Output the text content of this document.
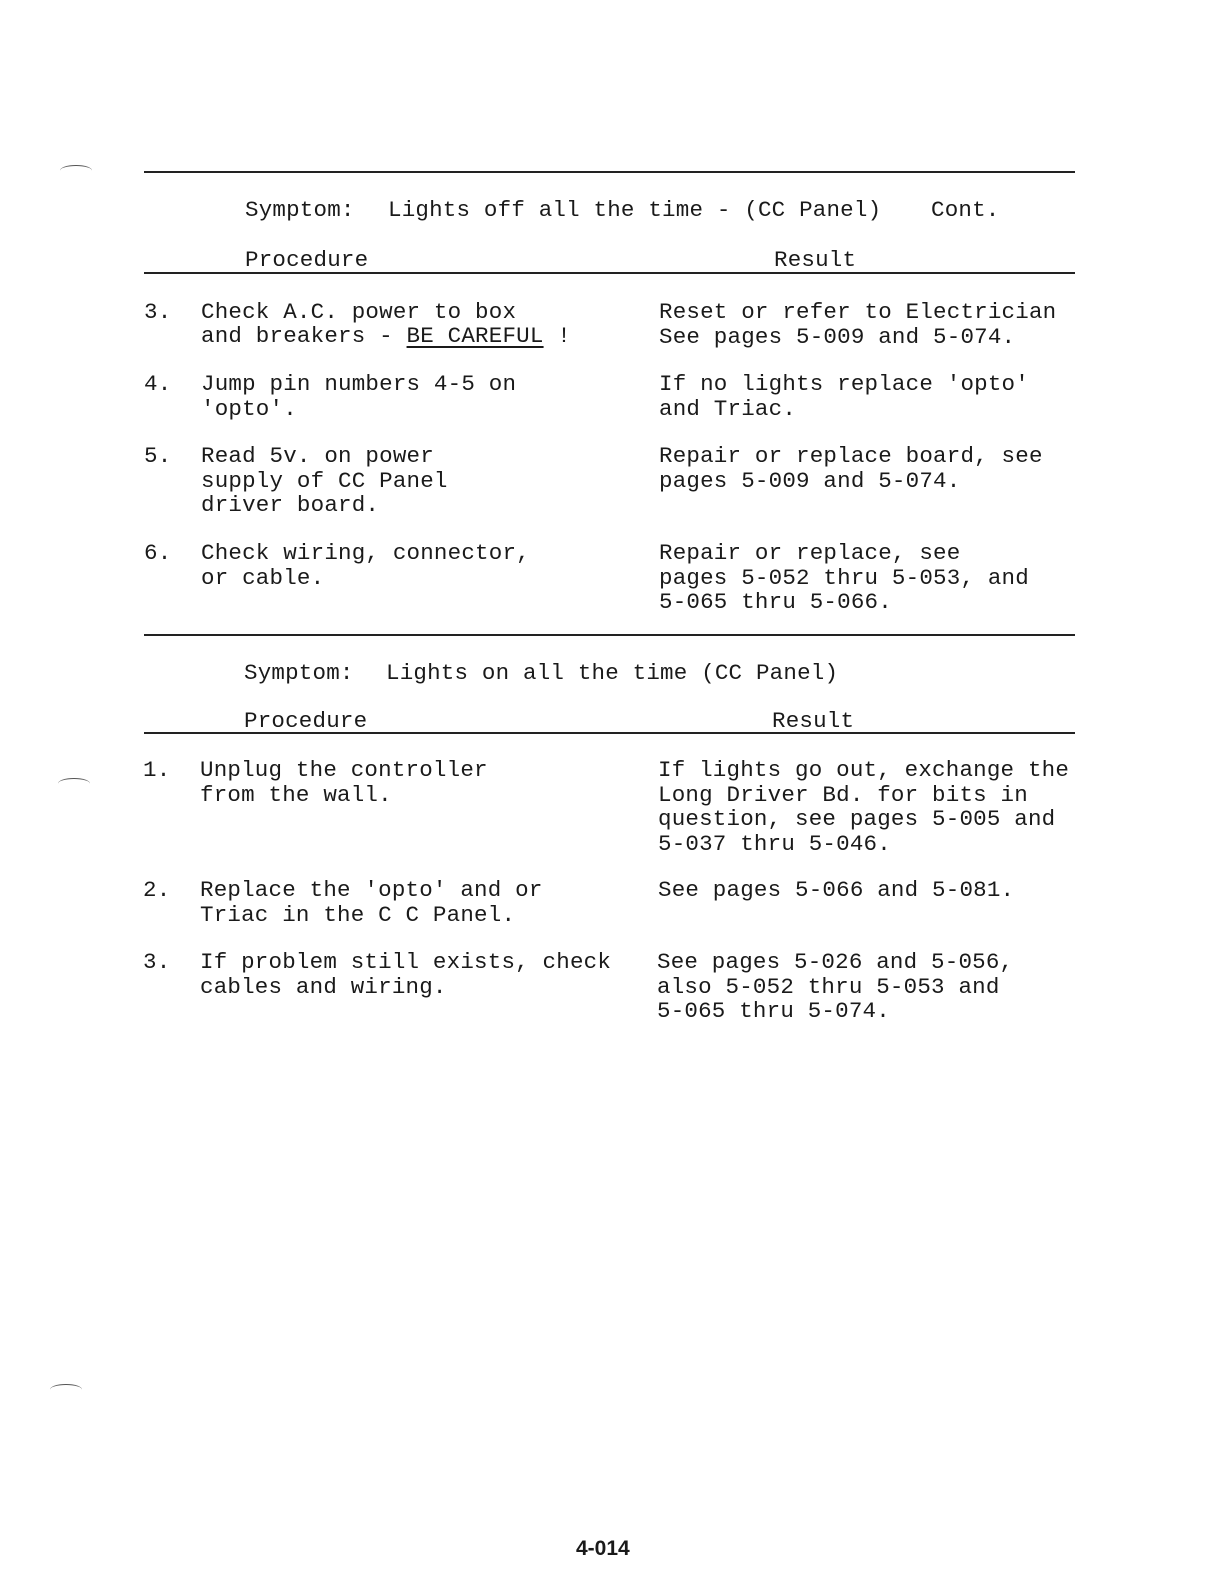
Symptom: Lights off all the time - (CC Panel) Cont.
Procedure	Result
3. Check A.C. power to box
and breakers - BE CAREFUL !
Reset or refer to Electrician
See pages 5-009 and 5-074.
4. Jump pin numbers 4-5 on
'opto'.
If no lights replace 'opto'
and Triac.
5. Read 5v. on power
supply of CC Panel
driver board.
Repair or replace board, see
pages 5-009 and 5-074.
6. Check wiring, connector,
or cable.
Repair or replace, see
pages 5-052 thru 5-053, and
5-065 thru 5-066.
Symptom: Lights on all the time (CC Panel)
Procedure	Result
1. Unplug the controller
from the wall.
If lights go out, exchange the
Long Driver Bd. for bits in
question, see pages 5-005 and
5-037 thru 5-046.
2. Replace the 'opto' and or
Triac in the C C Panel.
See pages 5-066 and 5-081.
3. If problem still exists, check
cables and wiring.
See pages 5-026 and 5-056,
also 5-052 thru 5-053 and
5-065 thru 5-074.
4-014
